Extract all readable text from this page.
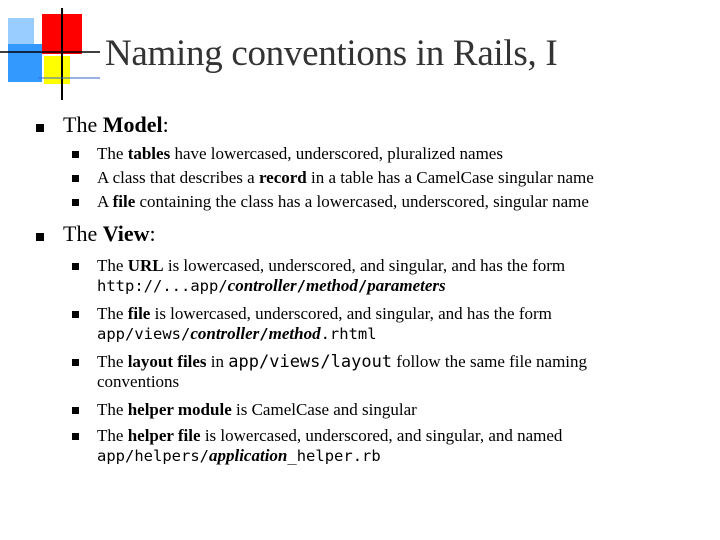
Naming conventions in Rails, I
The Model:
The tables have lowercased, underscored, pluralized names
A class that describes a record in a table has a CamelCase singular name
A file containing the class has a lowercased, underscored, singular name
The View:
The URL is lowercased, underscored, and singular, and has the form
http://...app/controller/method/parameters
The file is lowercased, underscored, and singular, and has the form
app/views/controller/method.rhtml
The layout files in app/views/layout follow the same file naming
conventions
The helper module is CamelCase and singular
The helper file is lowercased, underscored, and singular, and named
app/helpers/application_helper.rb
